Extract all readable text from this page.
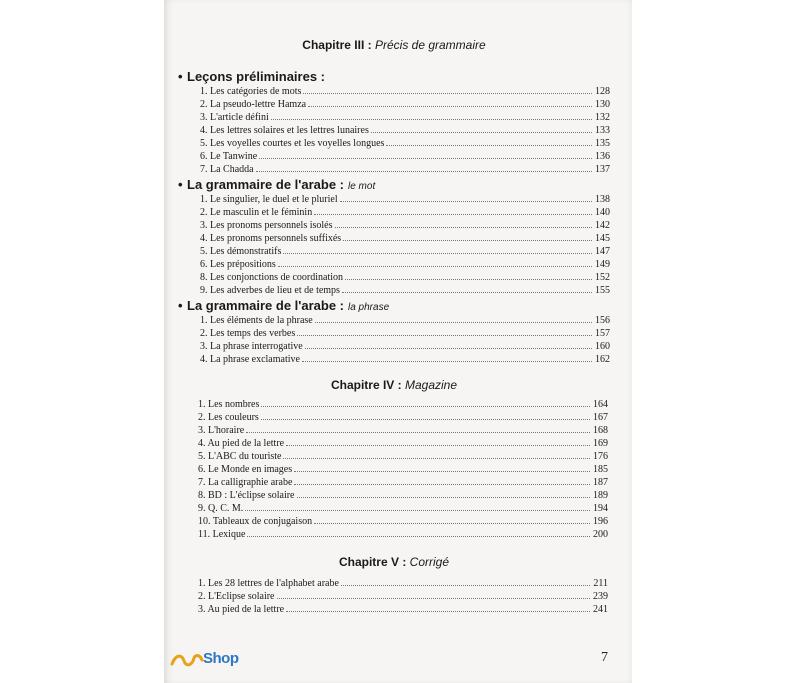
Chapitre III : Précis de grammaire
• Leçons préliminaires :
1. Les catégories de mots	128
2. La pseudo-lettre Hamza	130
3. L'article défini	132
4. Les lettres solaires et les lettres lunaires	133
5. Les voyelles courtes et les voyelles longues	135
6. Le Tanwine	136
7. La Chadda	137
• La grammaire de l'arabe : le mot
1. Le singulier, le duel et le pluriel	138
2. Le masculin et le féminin	140
3. Les pronoms personnels isolés	142
4. Les pronoms personnels suffixés	145
5. Les démonstratifs	147
6. Les prépositions	149
8. Les conjonctions de coordination	152
9. Les adverbes de lieu et de temps	155
• La grammaire de l'arabe : la phrase
1. Les éléments de la phrase	156
2. Les temps des verbes	157
3. La phrase interrogative	160
4. La phrase exclamative	162
Chapitre IV : Magazine
1. Les nombres	164
2. Les couleurs	167
3. L'horaire	168
4. Au pied de la lettre	169
5. L'ABC du touriste	176
6. Le Monde en images	185
7. La calligraphie arabe	187
8. BD : L'éclipse solaire	189
9. Q. C. M.	194
10. Tableaux de conjugaison	196
11. Lexique	200
Chapitre V : Corrigé
1. Les 28 lettres de l'alphabet arabe	211
2. L'Eclipse solaire	239
3. Au pied de la lettre	241
Shop	7
